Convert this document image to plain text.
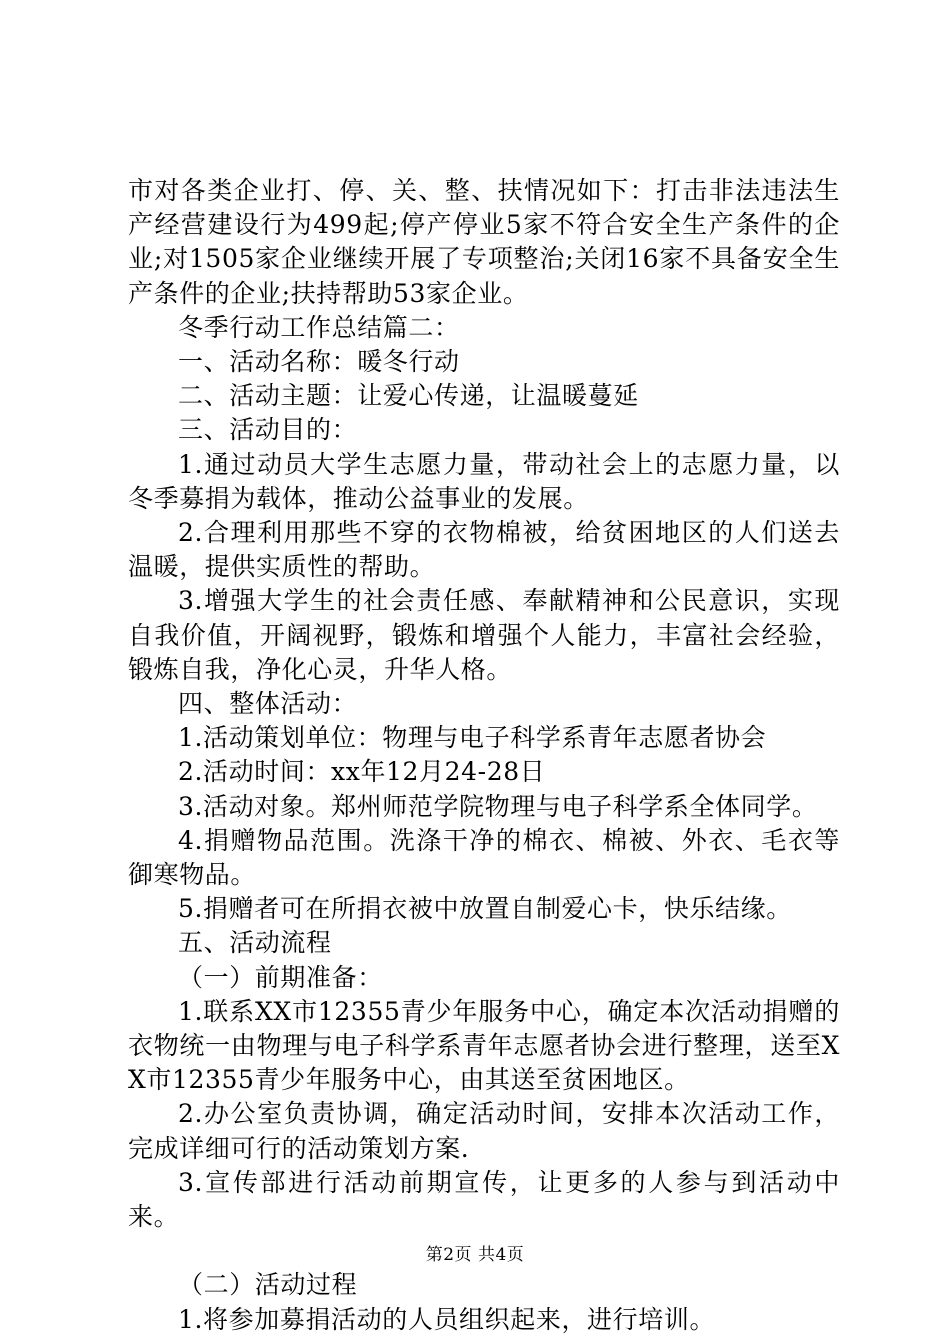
市对各类企业打、停、关、整、扶情况如下：打击非法违法生产经营建设行为499起;停产停业5家不符合安全生产条件的企业;对1505家企业继续开展了专项整治;关闭16家不具备安全生产条件的企业;扶持帮助53家企业。

冬季行动工作总结篇二：

一、活动名称：暖冬行动

二、活动主题：让爱心传递，让温暖蔓延

三、活动目的：

1.通过动员大学生志愿力量，带动社会上的志愿力量，以冬季募捐为载体，推动公益事业的发展。

2.合理利用那些不穿的衣物棉被，给贫困地区的人们送去温暖，提供实质性的帮助。

3.增强大学生的社会责任感、奉献精神和公民意识，实现自我价值，开阔视野，锻炼和增强个人能力，丰富社会经验，锻炼自我，净化心灵，升华人格。

四、整体活动：

1.活动策划单位：物理与电子科学系青年志愿者协会

2.活动时间：xx年12月24-28日

3.活动对象。郑州师范学院物理与电子科学系全体同学。

4.捐赠物品范围。洗涤干净的棉衣、棉被、外衣、毛衣等御寒物品。

5.捐赠者可在所捐衣被中放置自制爱心卡，快乐结缘。

五、活动流程

（一）前期准备：

1.联系XX市12355青少年服务中心，确定本次活动捐赠的衣物统一由物理与电子科学系青年志愿者协会进行整理，送至XX市12355青少年服务中心，由其送至贫困地区。

2.办公室负责协调，确定活动时间，安排本次活动工作，完成详细可行的活动策划方案.

3.宣传部进行活动前期宣传，让更多的人参与到活动中来。

（二）活动过程

1.将参加募捐活动的人员组织起来，进行培训。

第2页 共4页
